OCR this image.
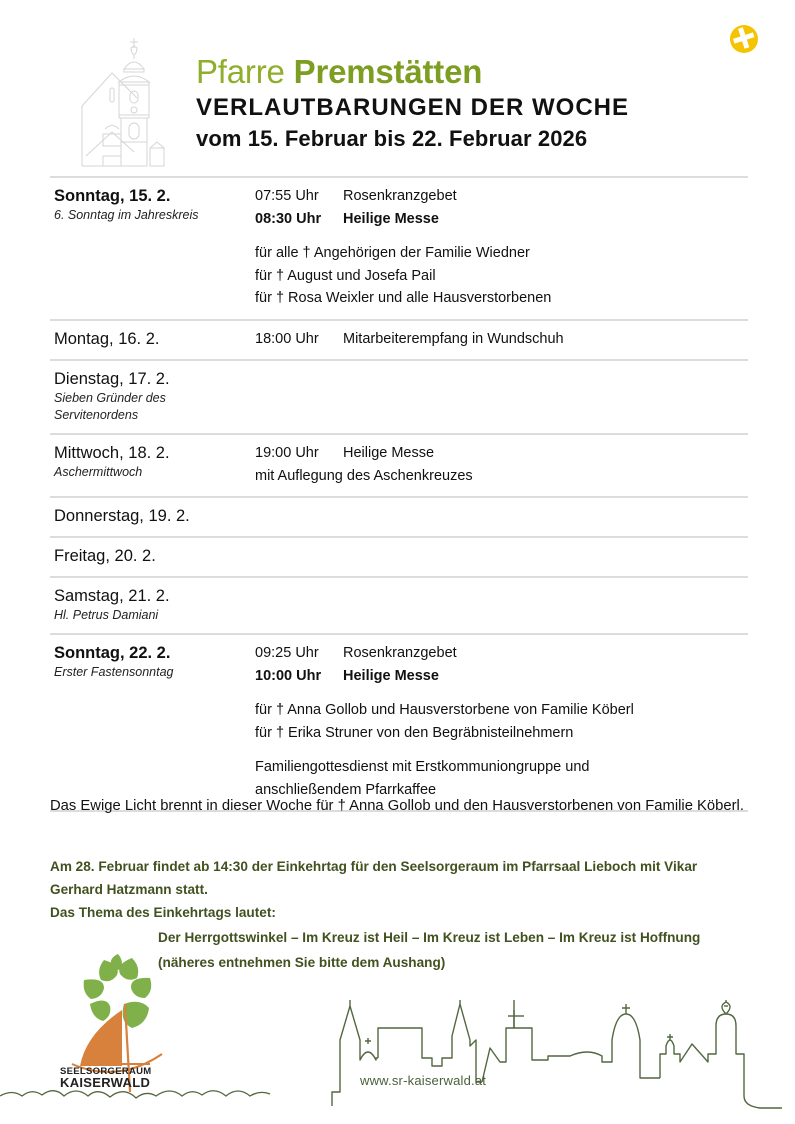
Pfarre Premstätten
VERLAUTBARUNGEN DER WOCHE
vom 15. Februar bis 22. Februar 2026
Sonntag, 15. 2.
6. Sonntag im Jahreskreis
07:55 Uhr	Rosenkranzgebet
08:30 Uhr	Heilige Messe
für alle † Angehörigen der Familie Wiedner
für † August und Josefa Pail
für † Rosa Weixler und alle Hausverstorbenen
Montag, 16. 2.	18:00 Uhr	Mitarbeiterempfang in Wundschuh
Dienstag, 17. 2.
Sieben Gründer des
Servitenordens
Mittwoch, 18. 2.
Aschermittwoch
19:00 Uhr	Heilige Messe
mit Auflegung des Aschenkreuzes
Donnerstag, 19. 2.
Freitag, 20. 2.
Samstag, 21. 2.
Hl. Petrus Damiani
Sonntag, 22. 2.
Erster Fastensonntag
09:25 Uhr	Rosenkranzgebet
10:00 Uhr	Heilige Messe
für † Anna Gollob und Hausverstorbene von Familie Köberl
für † Erika Struner von den Begräbnisteilnehmern
Familiengottesdienst mit Erstkommuniongruppe und
anschließendem Pfarrkaffee
Das Ewige Licht brennt in dieser Woche für † Anna Gollob und den Hausverstorbenen von Familie Köberl.
Am 28. Februar findet ab 14:30 der Einkehrtag für den Seelsorgeraum im Pfarrsaal Lieboch mit Vikar Gerhard Hatzmann statt.
Das Thema des Einkehrtags lautet:
Der Herrgottswinkel – Im Kreuz ist Heil – Im Kreuz ist Leben – Im Kreuz ist Hoffnung
(näheres entnehmen Sie bitte dem Aushang)
SEELSORGERAUM
KAISERWALD	www.sr-kaiserwald.at
